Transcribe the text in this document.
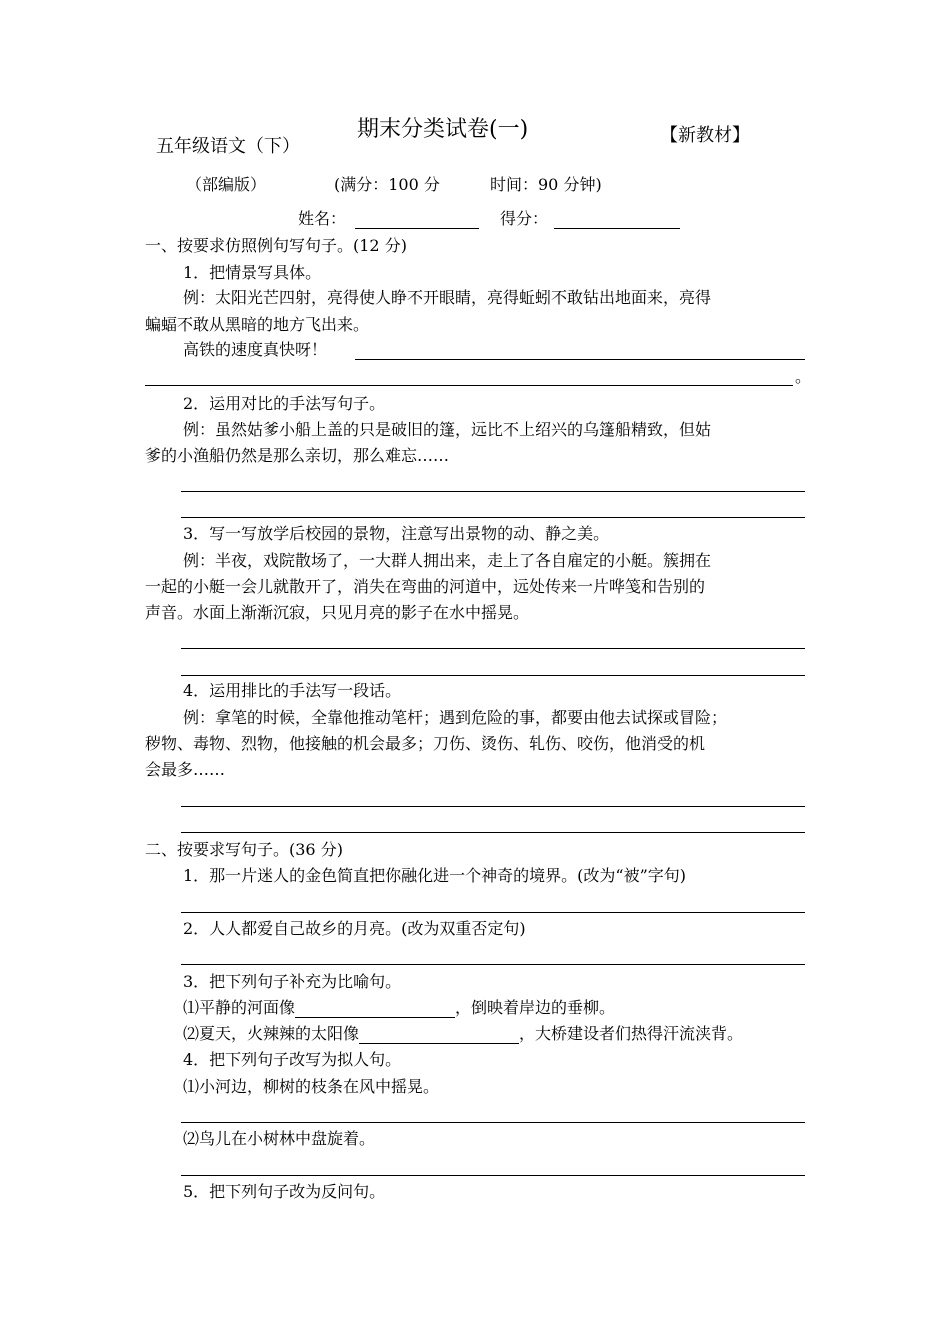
期末分类试卷(一)
五年级语文（下）
【新教材】
（部编版）	(满分：100 分	时间：90 分钟)
姓名：	得分：
一、按要求仿照例句写句子。(12 分)
1．把情景写具体。
例：太阳光芒四射，亮得使人睁不开眼睛，亮得蚯蚓不敢钻出地面来，亮得
蝙蝠不敢从黑暗的地方飞出来。
高铁的速度真快呀！
。
2．运用对比的手法写句子。
例：虽然姑爹小船上盖的只是破旧的篷，远比不上绍兴的乌篷船精致，但姑
爹的小渔船仍然是那么亲切，那么难忘……
3．写一写放学后校园的景物，注意写出景物的动、静之美。
例：半夜，戏院散场了，一大群人拥出来，走上了各自雇定的小艇。簇拥在
一起的小艇一会儿就散开了，消失在弯曲的河道中，远处传来一片哗笺和告别的
声音。水面上渐渐沉寂，只见月亮的影子在水中摇晃。
4．运用排比的手法写一段话。
例：拿笔的时候，全靠他推动笔杆；遇到危险的事，都要由他去试探或冒险；
秽物、毒物、烈物，他接触的机会最多；刀伤、烫伤、轧伤、咬伤，他消受的机
会最多……
二、按要求写句子。(36 分)
1．那一片迷人的金色简直把你融化进一个神奇的境界。(改为“被”字句)
2．人人都爱自己故乡的月亮。(改为双重否定句)
3．把下列句子补充为比喻句。
⑴平静的河面像	，倒映着岸边的垂柳。
⑵夏天，火辣辣的太阳像	，大桥建设者们热得汗流浃背。
4．把下列句子改写为拟人句。
⑴小河边，柳树的枝条在风中摇晃。
⑵鸟儿在小树林中盘旋着。
5．把下列句子改为反问句。
